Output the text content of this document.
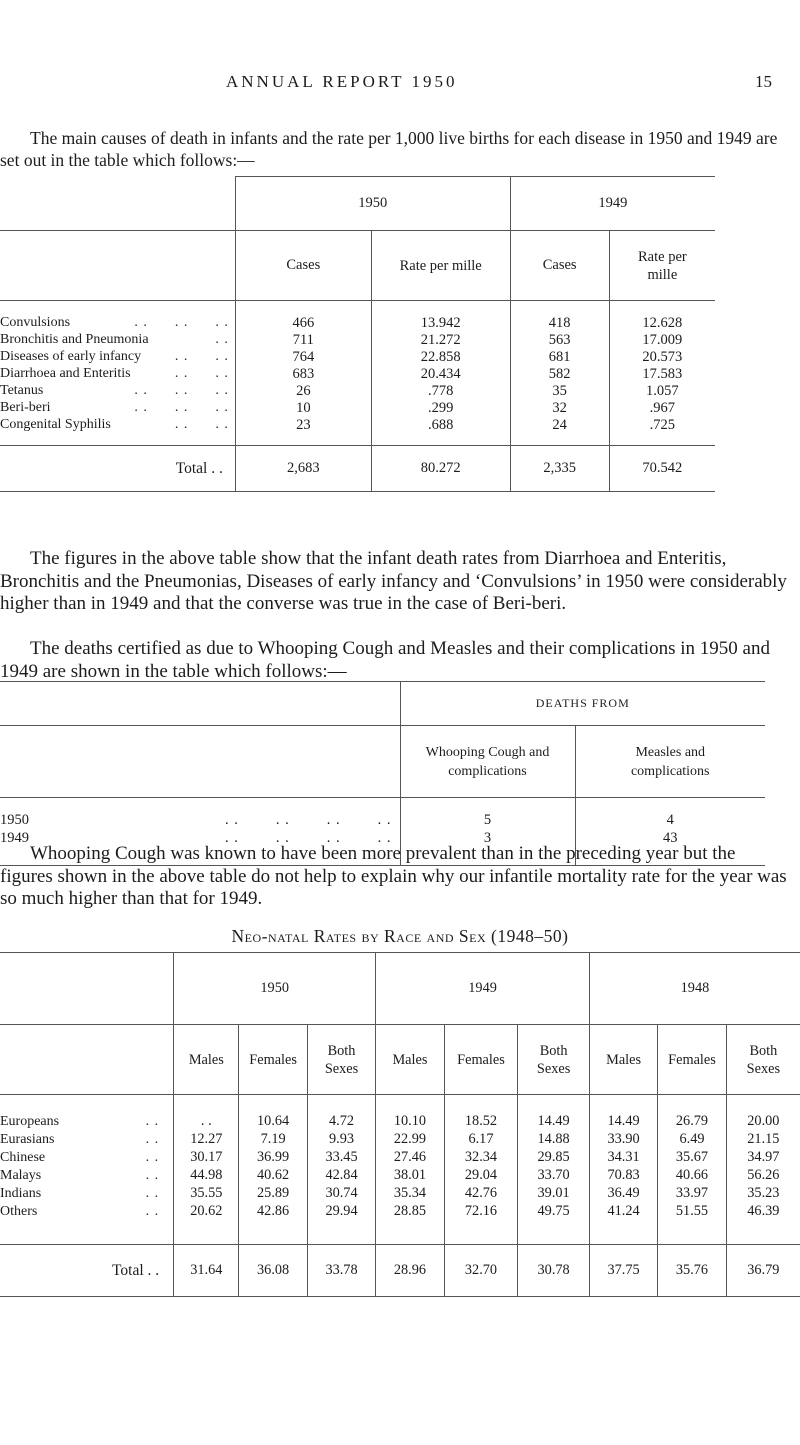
ANNUAL REPORT 1950	15

The main causes of death in infants and the rate per 1,000 live births for each disease in 1950 and 1949 are set out in the table which follows:—

	1950		1949	
	Cases	Rate per mille	Cases	Rate per mille

Convulsions . .      . .      . .	466	13.942	418	12.628
Bronchitis and Pneumonia . .	711	21.272	563	17.009
Diseases of early infancy . .      . .	764	22.858	681	20.573
Diarrhoea and Enteritis . .      . .	683	20.434	582	17.583
Tetanus . .      . .      . .	26	.778	35	1.057
Beri-beri . .      . .      . .	10	.299	32	.967
Congenital Syphilis . .      . .	23	.688	24	.725

Total . .	2,683	80.272	2,335	70.542

The figures in the above table show that the infant death rates from Diarrhoea and Enteritis, Bronchitis and the Pneumonias, Diseases of early infancy and ‘Convulsions’ in 1950 were considerably higher than in 1949 and that the converse was true in the case of Beri-beri.

The deaths certified as due to Whooping Cough and Measles and their complications in 1950 and 1949 are shown in the table which follows:—

	DEATHS FROM	
	Whooping Cough and complications	Measles and complications

1950 . .        . .        . .        . .	5	4
1949 . .        . .        . .        . .	3	43

Whooping Cough was known to have been more prevalent than in the preceding year but the figures shown in the above table do not help to explain why our infantile mortality rate for the year was so much higher than that for 1949.

Neo-natal Rates by Race and Sex (1948–50)
	1950			1949			1948		
	Males	Females	Both Sexes	Males	Females	Both Sexes	Males	Females	Both Sexes

Europeans . .	. .	10.64	4.72	10.10	18.52	14.49	14.49	26.79	20.00
Eurasians . .	12.27	7.19	9.93	22.99	6.17	14.88	33.90	6.49	21.15
Chinese . .	30.17	36.99	33.45	27.46	32.34	29.85	34.31	35.67	34.97
Malays . .	44.98	40.62	42.84	38.01	29.04	33.70	70.83	40.66	56.26
Indians . .	35.55	25.89	30.74	35.34	42.76	39.01	36.49	33.97	35.23
Others . .	20.62	42.86	29.94	28.85	72.16	49.75	41.24	51.55	46.39

Total . .	31.64	36.08	33.78	28.96	32.70	30.78	37.75	35.76	36.79
